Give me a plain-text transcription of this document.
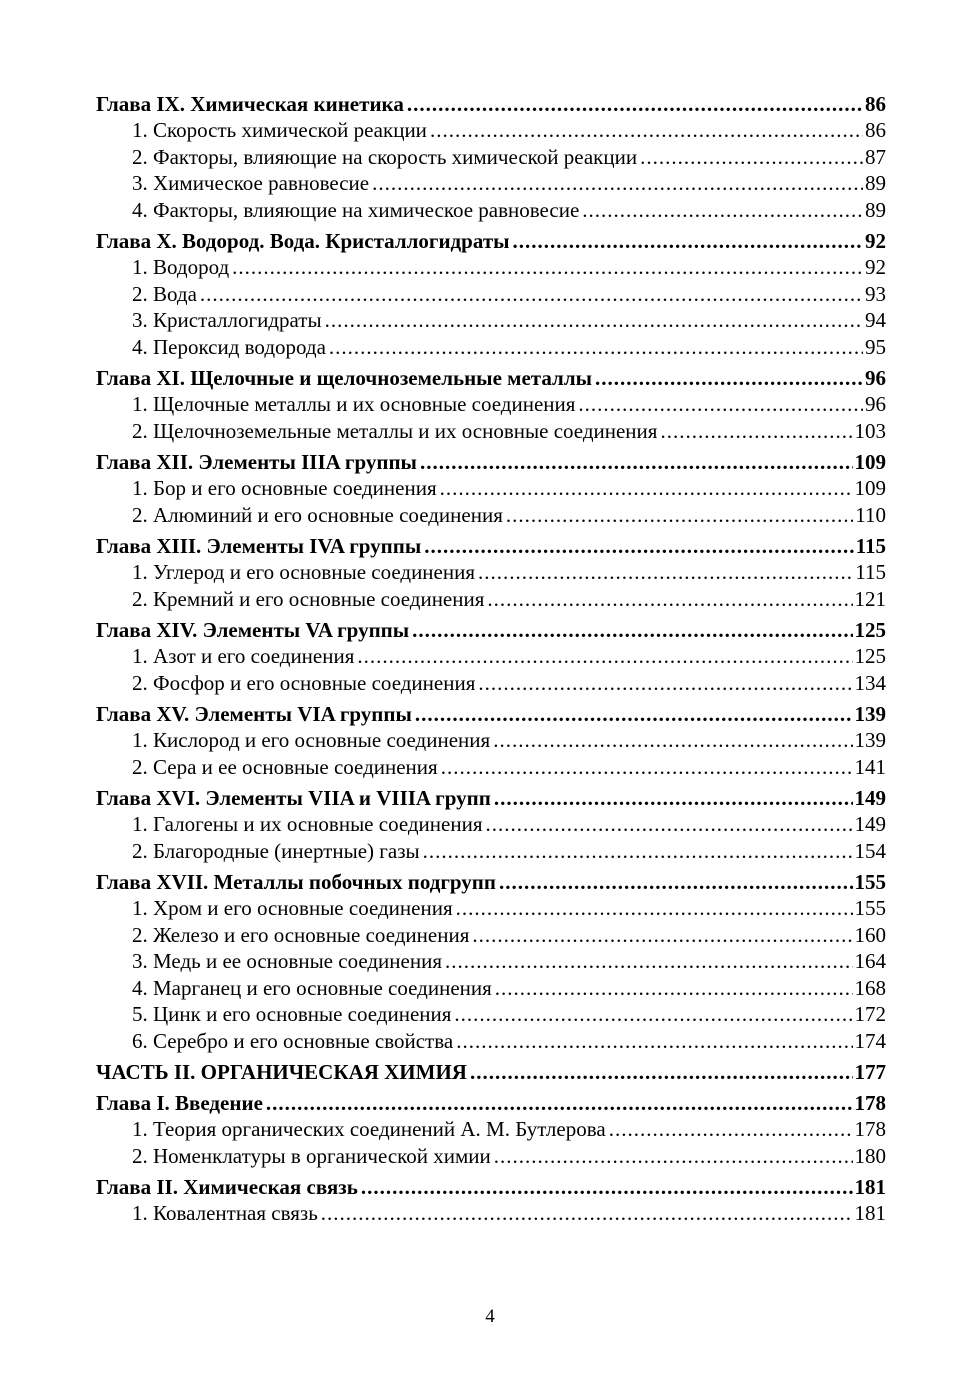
Глава IX. Химическая кинетика .....	86
1. Скорость химической реакции .....	86
2. Факторы, влияющие на скорость химической реакции .....	87
3. Химическое равновесие .....	89
4. Факторы, влияющие на химическое равновесие .....	89
Глава X. Водород. Вода. Кристаллогидраты .....	92
1. Водород .....	92
2. Вода .....	93
3. Кристаллогидраты .....	94
4. Пероксид водорода .....	95
Глава XI. Щелочные и щелочноземельные металлы .....	96
1. Щелочные металлы и их основные соединения .....	96
2. Щелочноземельные металлы и их основные соединения .....	103
Глава XII. Элементы IIIA группы .....	109
1. Бор и его основные соединения .....	109
2. Алюминий и его основные соединения .....	110
Глава XIII. Элементы IVA группы .....	115
1. Углерод и его основные соединения .....	115
2. Кремний и его основные соединения .....	121
Глава XIV. Элементы VA группы .....	125
1. Азот и его соединения .....	125
2. Фосфор и его основные соединения .....	134
Глава XV. Элементы VIA группы .....	139
1. Кислород и его основные соединения .....	139
2. Сера и ее основные соединения .....	141
Глава XVI. Элементы VIIA и VIIIA групп .....	149
1. Галогены и их основные соединения .....	149
2. Благородные (инертные) газы .....	154
Глава XVII. Металлы побочных подгрупп .....	155
1. Хром и его основные соединения .....	155
2. Железо и его основные соединения .....	160
3. Медь и ее основные соединения .....	164
4. Марганец и его основные соединения .....	168
5. Цинк и его основные соединения .....	172
6. Серебро и его основные свойства .....	174
ЧАСТЬ II. ОРГАНИЧЕСКАЯ ХИМИЯ .....	177
Глава I. Введение .....	178
1. Теория органических соединений А. М. Бутлерова .....	178
2. Номенклатуры в органической химии .....	180
Глава II. Химическая связь .....	181
1. Ковалентная связь .....	181
4
